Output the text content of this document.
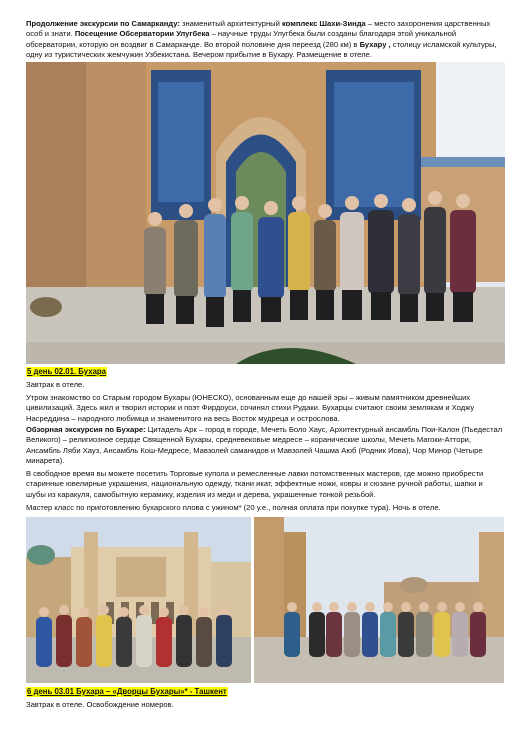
Продолжение экскурсии по Самарканду: знаменитый архитектурный комплекс Шахи-Зинда – место захоронения царственных особ и знати. Посещение Обсерватории Улугбека – научные труды Улугбека были созданы благодаря этой уникальной обсерватории, которую он воздвиг в Самарканде. Во второй половине дня переезд (280 км) в Бухару , столицу исламской культуры, одну из туристических жемчужин Узбекистана. Вечером прибытие в Бухару. Размещение в отеле.
5 день 02.01. Бухара
Завтрак в отеле.
Утром знакомство со Старым городом Бухары (ЮНЕСКО), основанным еще до нашей эры – живым памятником древнейших цивилизаций. Здесь жил и творил историк и поэт Фирдоуси, сочинял стихи Рудаки. Бухарцы считают своим землякам и Ходжу Насреддина – народного любимца и знаменитого на весь Восток мудреца и острослова.
Обзорная экскурсия по Бухаре: Цитадель Арк – город в городе, Мечеть Боло Хаус, Архитектурный ансамбль Пои-Калон (Пьедестал Великого) – религиозное сердце Священной Бухары, средневековые медресе – коранические школы, Мечеть Магоки-Аттори, Ансамбль Ляби Хауз, Ансамбль Кош-Медресе, Мавзолей саманидов и Мавзолей Чашма Аюб (Родник Иова), Чор Минор (Четыре минарета).
В свободное время вы можете посетить Торговые купола и ремесленные лавки потомственных мастеров, где можно приобрести старинные ювелирные украшения, национальную одежду, ткани икат, эффектные ножи, ковры и сюзане ручной работы, шапки и шубы из каракуля, самобытную керамику, изделия из меди и дерева, украшенные тонкой резьбой.
Мастер класс по приготовлению бухарского плова с ужином* (20 у.е., полная оплата при покупке тура). Ночь в отеле.
6 день 03.01 Бухара – «Дворцы Бухары»* - Ташкент
Завтрак в отеле. Освобождение номеров.
